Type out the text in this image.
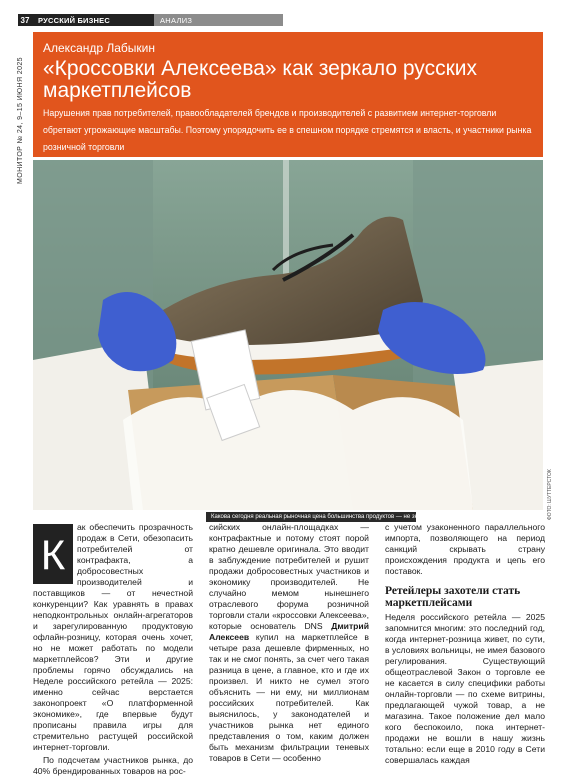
37	РУССКИЙ БИЗНЕС	АНАЛИЗ
МОНИТОР № 24, 9–15 ИЮНЯ 2025
Александр Лабыкин
«Кроссовки Алексеева» как зеркало русских маркетплейсов

Нарушения прав потребителей, правообладателей брендов и производителей с развитием интернет-торговли обретают угрожающие масштабы. Поэтому упорядочить ее в спешном порядке стремятся и власть, и участники рынка розничной торговли

Какова сегодня реальная рыночная цена большинства продуктов — не знает никто	ФОТО: ШУТТЕРСТОК
К

ак обеспечить прозрачность продаж в Сети, обезопасить потребителей от контрафакта, а добросовестных производителей и поставщиков — от нечестной конкуренции? Как уравнять в правах неподконтрольных онлайн-агрегаторов и зарегулированную продуктовую офлайн-розницу, которая очень хочет, но не может работать по модели маркетплейсов? Эти и другие проблемы горячо обсуждались на Неделе российского ретейла — 2025: именно сейчас верстается законопроект «О платформенной экономике», где впервые будут прописаны правила игры для стремительно растущей российской интернет-торговли.

По подсчетам участников рынка, до 40% брендированных товаров на рос-

сийских онлайн-площадках — контрафактные и потому стоят порой кратно дешевле оригинала. Это вводит в заблуждение потребителей и рушит продажи добросовестных участников и экономику производителей. Не случайно мемом нынешнего отраслевого форума розничной торговли стали «кроссовки Алексеева», которые основатель DNS Дмитрий Алексеев купил на маркетплейсе в четыре раза дешевле фирменных, но так и не смог понять, за счет чего такая разница в цене, а главное, кто и где их произвел. И никто не сумел этого объяснить — ни ему, ни миллионам российских потребителей. Как выяснилось, у законодателей и участников рынка нет единого представления о том, каким должен быть механизм фильтрации теневых товаров в Сети — особенно

с учетом узаконенного параллельного импорта, позволяющего на период санкций скрывать страну происхождения продукта и цепь его поставок.

Ретейлеры захотели стать маркетплейсами

Неделя российского ретейла — 2025 запомнится многим: это последний год, когда интернет-розница живет, по сути, в условиях вольницы, не имея базового регулирования. Существующий общеотраслевой Закон о торговле ее не касается в силу специфики работы онлайн-торговли — по схеме витрины, предлагающей чужой товар, а не магазина. Такое положение дел мало кого беспокоило, пока интернет-продажи не вошли в нашу жизнь тотально: если еще в 2010 году в Сети совершалась каждая
